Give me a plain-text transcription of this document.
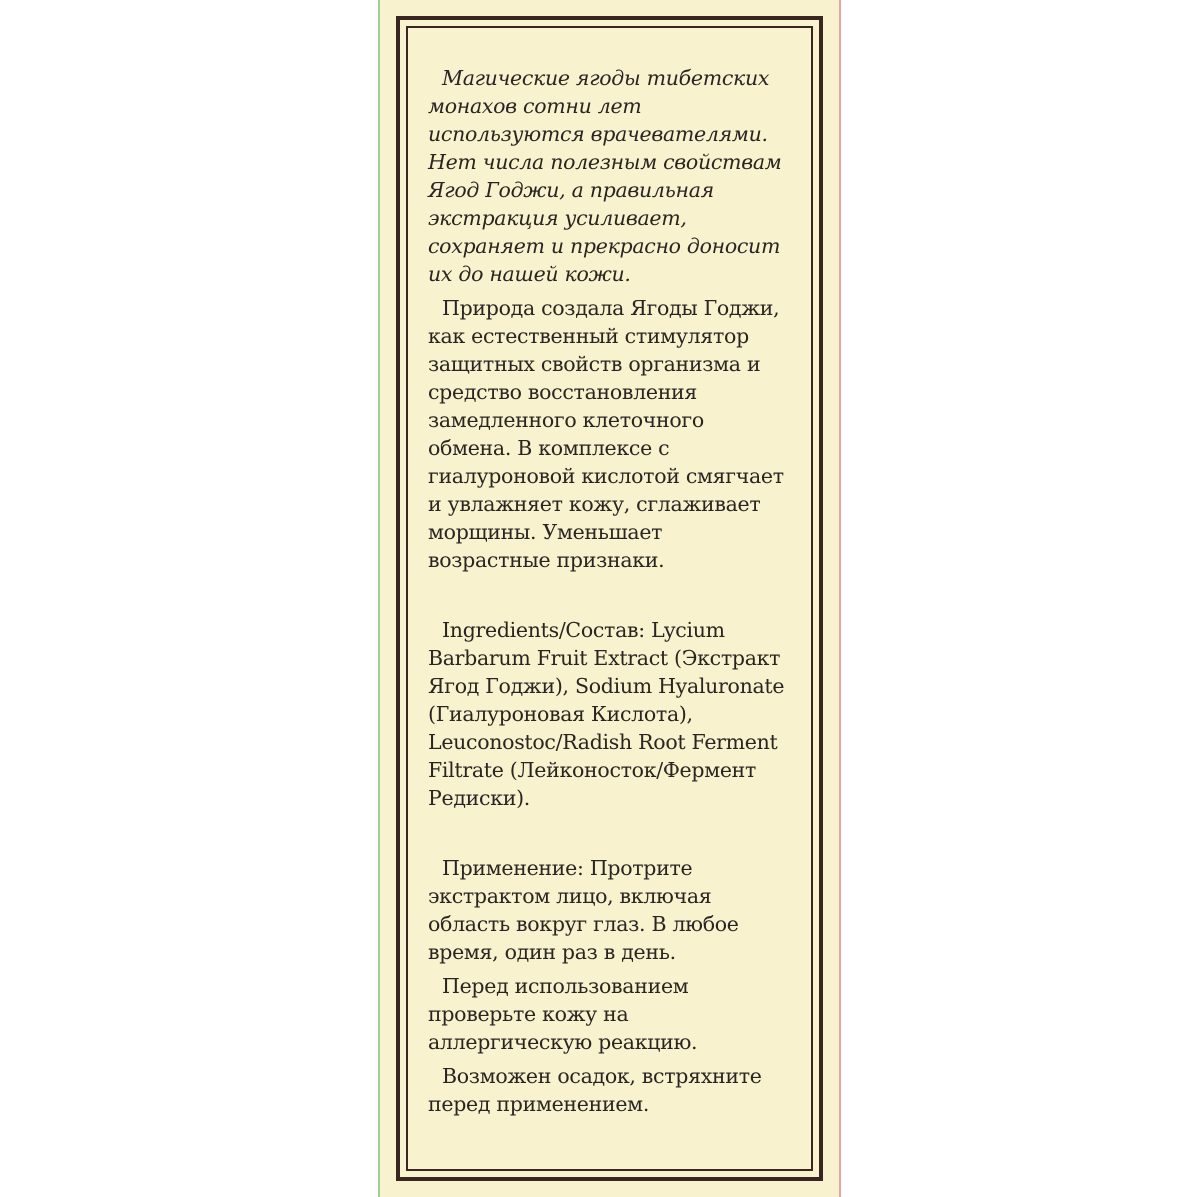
Магические ягоды тибетских
монахов сотни лет
используются врачевателями.
Нет числа полезным свойствам
Ягод Годжи, а правильная
экстракция усиливает,
сохраняет и прекрасно доносит
их до нашей кожи.

Природа создала Ягоды Годжи,
как естественный стимулятор
защитных свойств организма и
средство восстановления
замедленного клеточного
обмена. В комплексе с
гиалуроновой кислотой смягчает
и увлажняет кожу, сглаживает
морщины. Уменьшает
возрастные признаки.

Ingredients/Состав: Lycium
Barbarum Fruit Extract (Экстракт
Ягод Годжи), Sodium Hyaluronate
(Гиалуроновая Кислота),
Leuconostoc/Radish Root Ferment
Filtrate (Лейконосток/Фермент
Редиски).

Применение: Протрите
экстрактом лицо, включая
область вокруг глаз. В любое
время, один раз в день.

Перед использованием
проверьте кожу на
аллергическую реакцию.

Возможен осадок, встряхните
перед применением.
